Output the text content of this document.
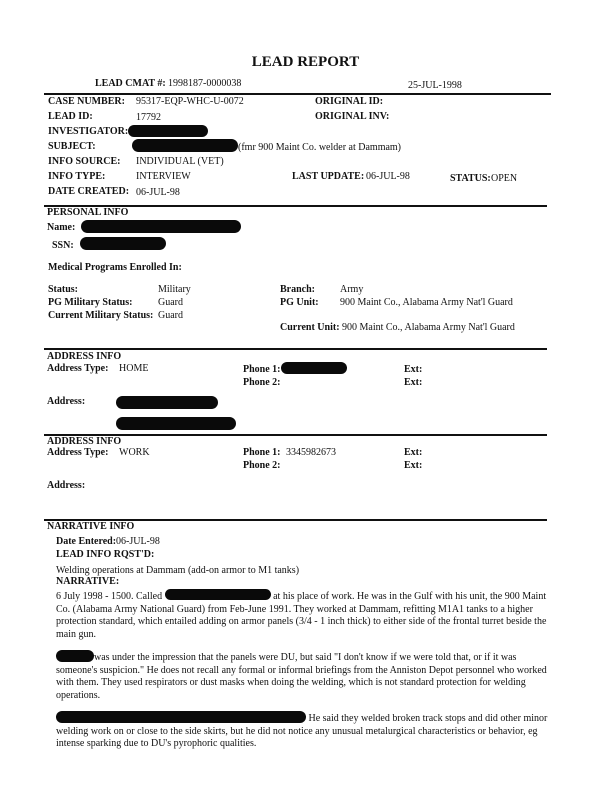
LEAD REPORT
LEAD CMAT #: 1998187-0000038	25-JUL-1998
CASE NUMBER: 95317-EQP-WHC-U-0072	ORIGINAL ID:
LEAD ID:	17792	ORIGINAL INV:
INVESTIGATOR:
SUBJECT:	(fmr 900 Maint Co. welder at Dammam)
INFO SOURCE: INDIVIDUAL (VET)
INFO TYPE:	INTERVIEW	LAST UPDATE: 06-JUL-98	STATUS: OPEN
DATE CREATED: 06-JUL-98
PERSONAL INFO
Name:
SSN:
Medical Programs Enrolled In:
Status:	Military
PG Military Status:	Guard
Current Military Status: Guard
Branch:	Army
PG Unit: 900 Maint Co., Alabama Army Nat'l Guard
Current Unit: 900 Maint Co., Alabama Army Nat'l Guard
ADDRESS INFO
Address Type: HOME	Phone 1:	Ext:
Phone 2:	Ext:
Address:
ADDRESS INFO
Address Type: WORK	Phone 1: 3345982673	Ext:
Phone 2:	Ext:
Address:
NARRATIVE INFO
Date Entered: 06-JUL-98
LEAD INFO RQST'D:
Welding operations at Dammam (add-on armor to M1 tanks)
NARRATIVE:
6 July 1998 - 1500. Called	at his place of work. He was in the Gulf with his unit, the 900 Maint Co. (Alabama Army National Guard) from Feb-June 1991. They worked at Dammam, refitting M1A1 tanks to a higher protection standard, which entailed adding on armor panels (3/4 - 1 inch thick) to either side of the frontal turret beside the main gun.
was under the impression that the panels were DU, but said "I don't know if we were told that, or if it was someone's suspicion." He does not recall any formal or informal briefings from the Anniston Depot personnel who worked with them. They used respirators or dust masks when doing the welding, which is not standard protection for welding operations.
He said they welded broken track stops and did other minor welding work on or close to the side skirts, but he did not notice any unusual metalurgical characteristics or behavior, eg intense sparking due to DU's pyrophoric qualities.
